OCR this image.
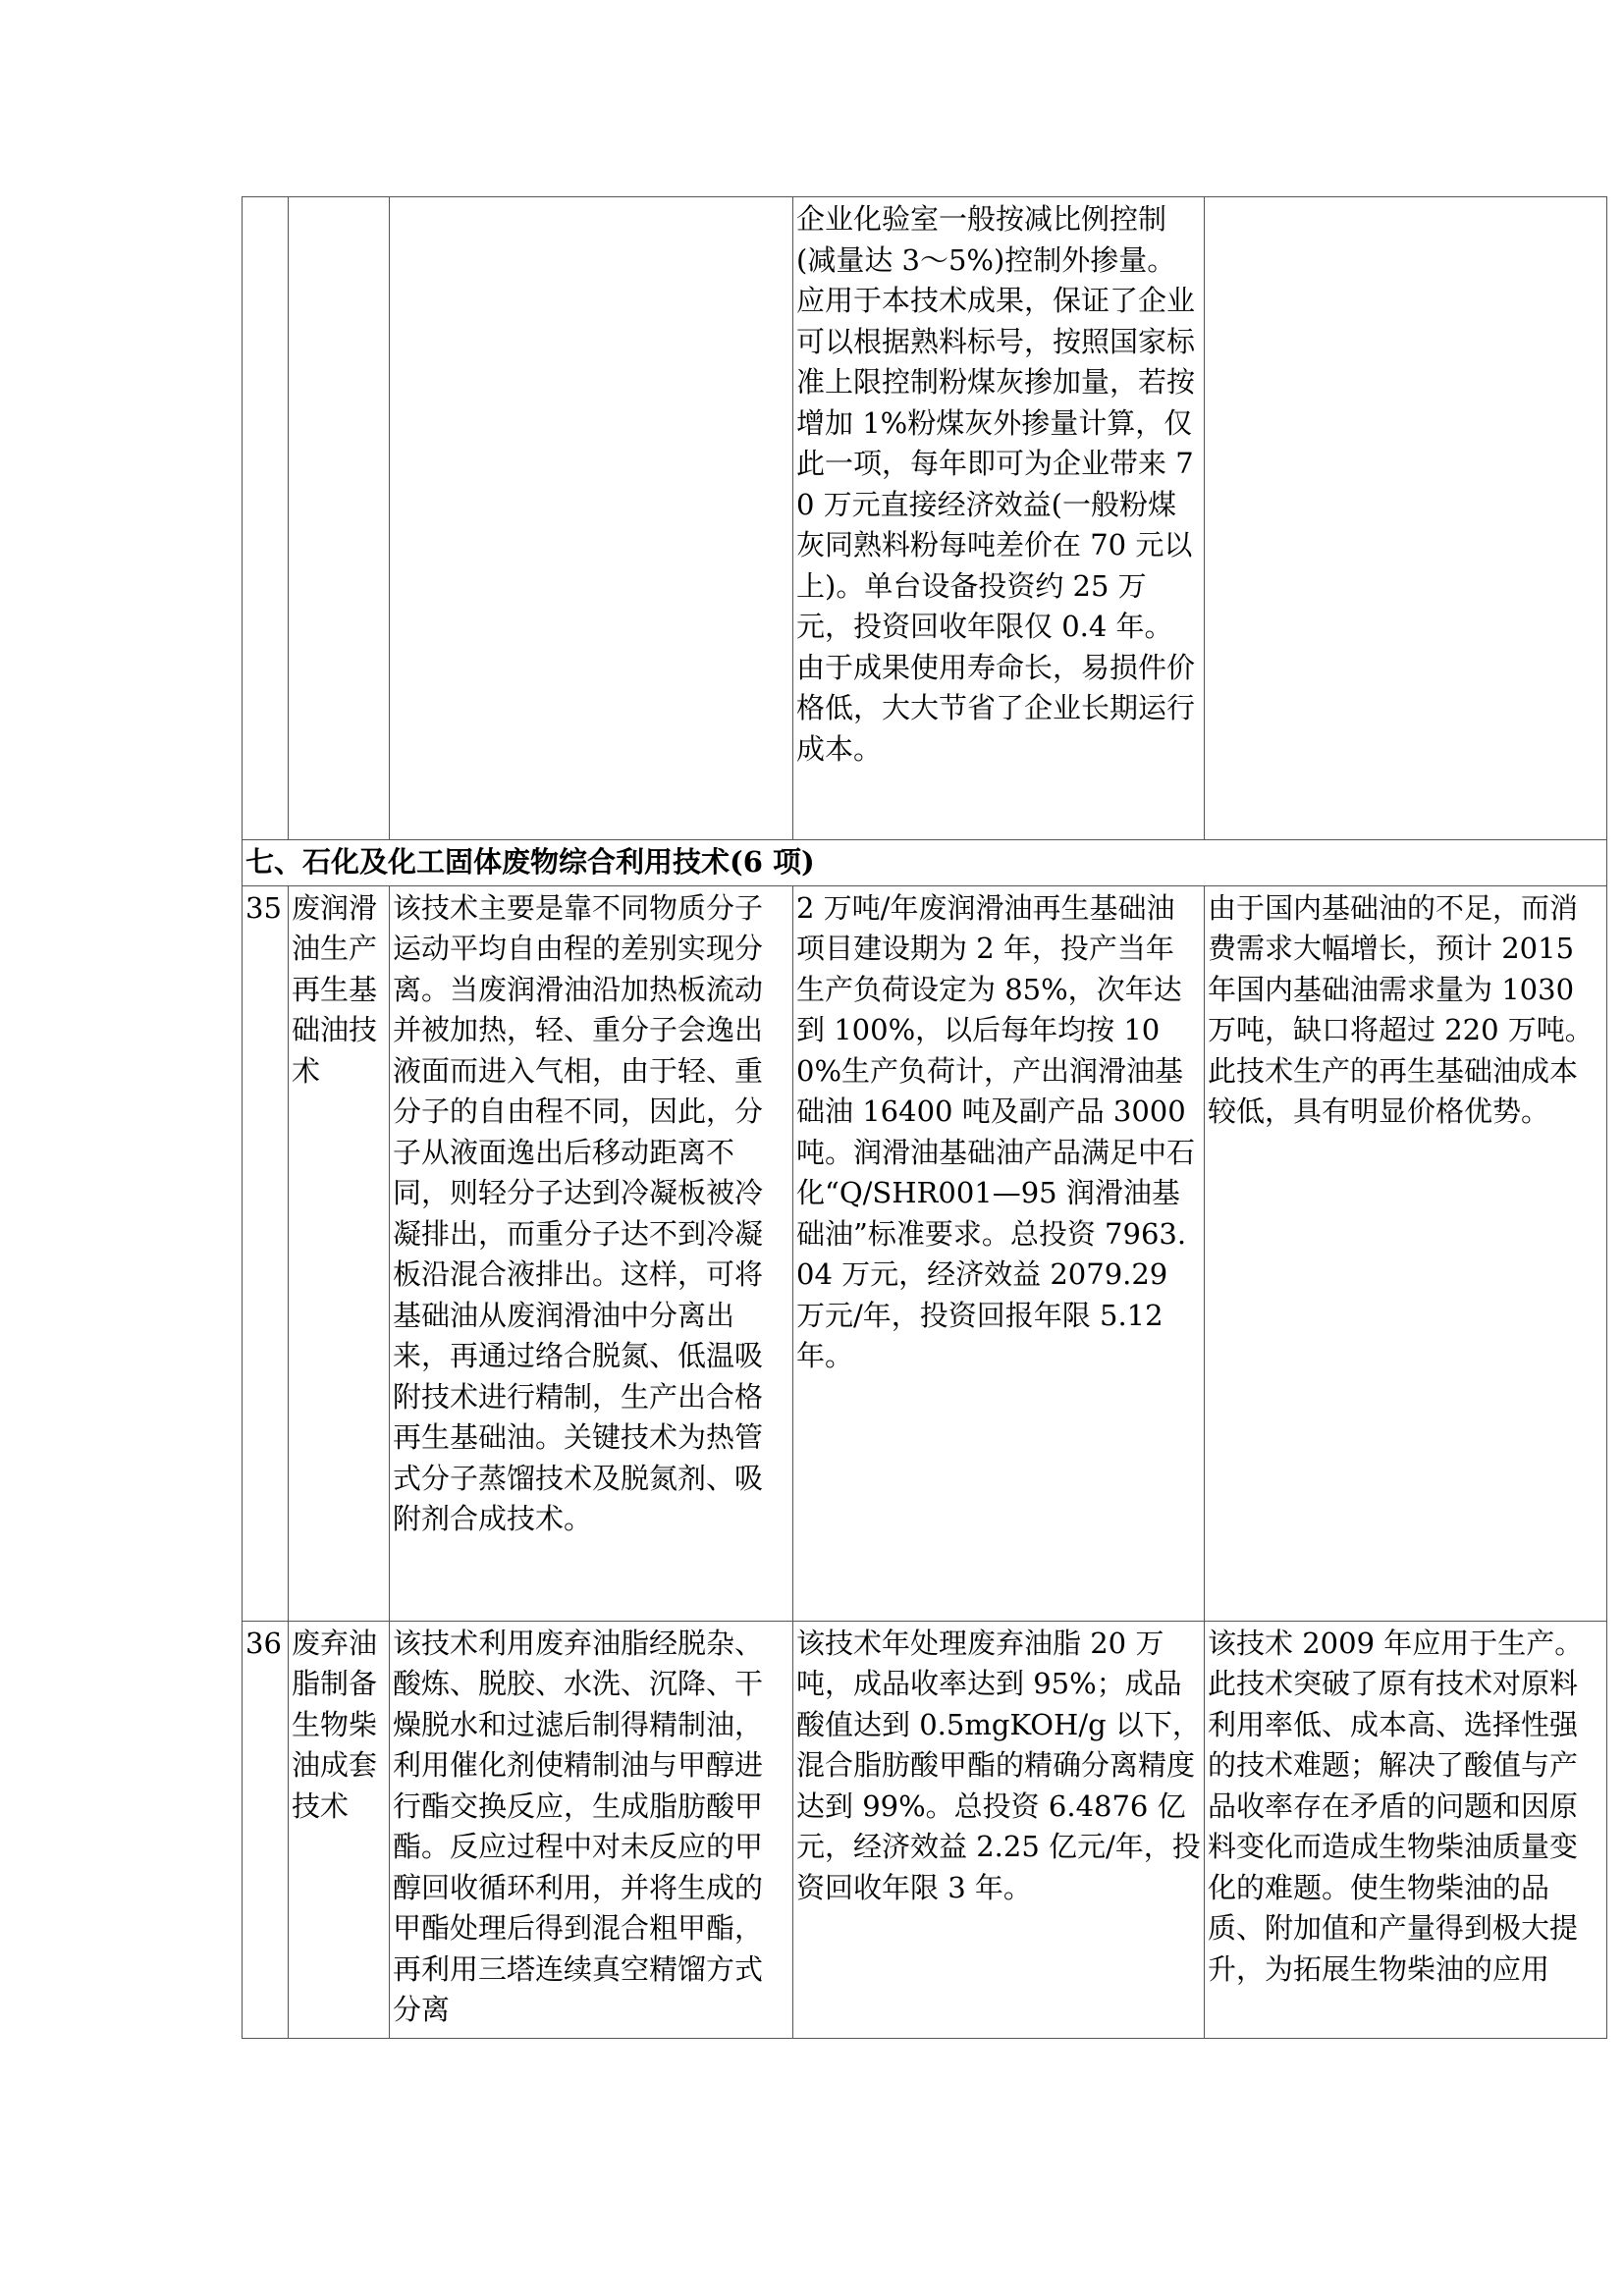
			企业化验室一般按减比例控制(减量达 3～5%)控制外掺量。应用于本技术成果，保证了企业可以根据熟料标号，按照国家标准上限控制粉煤灰掺加量，若按增加 1%粉煤灰外掺量计算，仅此一项，每年即可为企业带来 70 万元直接经济效益(一般粉煤灰同熟料粉每吨差价在 70 元以上)。单台设备投资约 25 万元，投资回收年限仅 0.4 年。由于成果使用寿命长，易损件价格低，大大节省了企业长期运行成本。	
七、石化及化工固体废物综合利用技术(6 项)				
35	废润滑油生产再生基础油技术	该技术主要是靠不同物质分子运动平均自由程的差别实现分离。当废润滑油沿加热板流动并被加热，轻、重分子会逸出液面而进入气相，由于轻、重分子的自由程不同，因此，分子从液面逸出后移动距离不同，则轻分子达到冷凝板被冷凝排出，而重分子达不到冷凝板沿混合液排出。这样，可将基础油从废润滑油中分离出来，再通过络合脱氮、低温吸附技术进行精制，生产出合格再生基础油。关键技术为热管式分子蒸馏技术及脱氮剂、吸附剂合成技术。	2 万吨/年废润滑油再生基础油项目建设期为 2 年，投产当年生产负荷设定为 85%，次年达到 100%，以后每年均按 100%生产负荷计，产出润滑油基础油 16400 吨及副产品 3000 吨。润滑油基础油产品满足中石化“Q/SHR001—95 润滑油基础油”标准要求。总投资 7963.04 万元，经济效益 2079.29 万元/年，投资回报年限 5.12 年。	由于国内基础油的不足，而消费需求大幅增长，预计 2015 年国内基础油需求量为 1030 万吨，缺口将超过 220 万吨。此技术生产的再生基础油成本较低，具有明显价格优势。
36	废弃油脂制备生物柴油成套技术	该技术利用废弃油脂经脱杂、酸炼、脱胶、水洗、沉降、干燥脱水和过滤后制得精制油，利用催化剂使精制油与甲醇进行酯交换反应，生成脂肪酸甲酯。反应过程中对未反应的甲醇回收循环利用，并将生成的甲酯处理后得到混合粗甲酯，再利用三塔连续真空精馏方式分离	该技术年处理废弃油脂 20 万吨，成品收率达到 95%；成品酸值达到 0.5mgKOH/g 以下，混合脂肪酸甲酯的精确分离精度达到 99%。总投资 6.4876 亿元，经济效益 2.25 亿元/年，投资回收年限 3 年。	该技术 2009 年应用于生产。此技术突破了原有技术对原料利用率低、成本高、选择性强的技术难题；解决了酸值与产品收率存在矛盾的问题和因原料变化而造成生物柴油质量变化的难题。使生物柴油的品质、附加值和产量得到极大提升，为拓展生物柴油的应用
